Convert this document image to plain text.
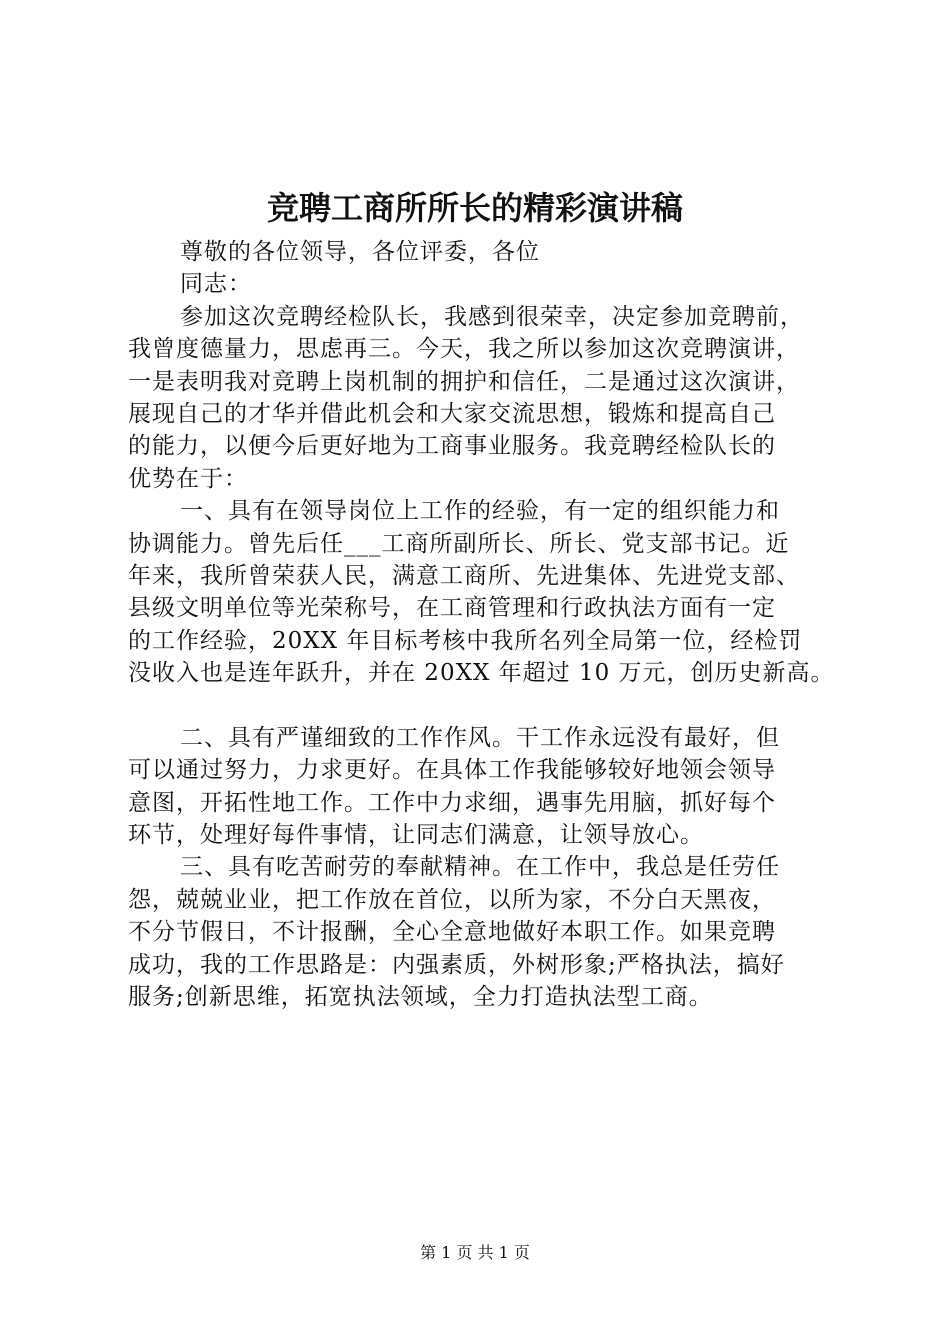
竞聘工商所所长的精彩演讲稿
尊敬的各位领导，各位评委，各位
同志：
参加这次竞聘经检队长，我感到很荣幸，决定参加竞聘前，
我曾度德量力，思虑再三。今天，我之所以参加这次竞聘演讲，
一是表明我对竞聘上岗机制的拥护和信任，二是通过这次演讲，
展现自己的才华并借此机会和大家交流思想，锻炼和提高自己
的能力，以便今后更好地为工商事业服务。我竞聘经检队长的
优势在于：
一、具有在领导岗位上工作的经验，有一定的组织能力和
协调能力。曾先后任___工商所副所长、所长、党支部书记。近
年来，我所曾荣获人民，满意工商所、先进集体、先进党支部、
县级文明单位等光荣称号，在工商管理和行政执法方面有一定
的工作经验，20XX 年目标考核中我所名列全局第一位，经检罚
没收入也是连年跃升，并在 20XX 年超过 10 万元，创历史新高。
二、具有严谨细致的工作作风。干工作永远没有最好，但
可以通过努力，力求更好。在具体工作我能够较好地领会领导
意图，开拓性地工作。工作中力求细，遇事先用脑，抓好每个
环节，处理好每件事情，让同志们满意，让领导放心。
三、具有吃苦耐劳的奉献精神。在工作中，我总是任劳任
怨，兢兢业业，把工作放在首位，以所为家，不分白天黑夜，
不分节假日，不计报酬，全心全意地做好本职工作。如果竞聘
成功，我的工作思路是：内强素质，外树形象;严格执法，搞好
服务;创新思维，拓宽执法领域，全力打造执法型工商。
第 1 页 共 1 页
